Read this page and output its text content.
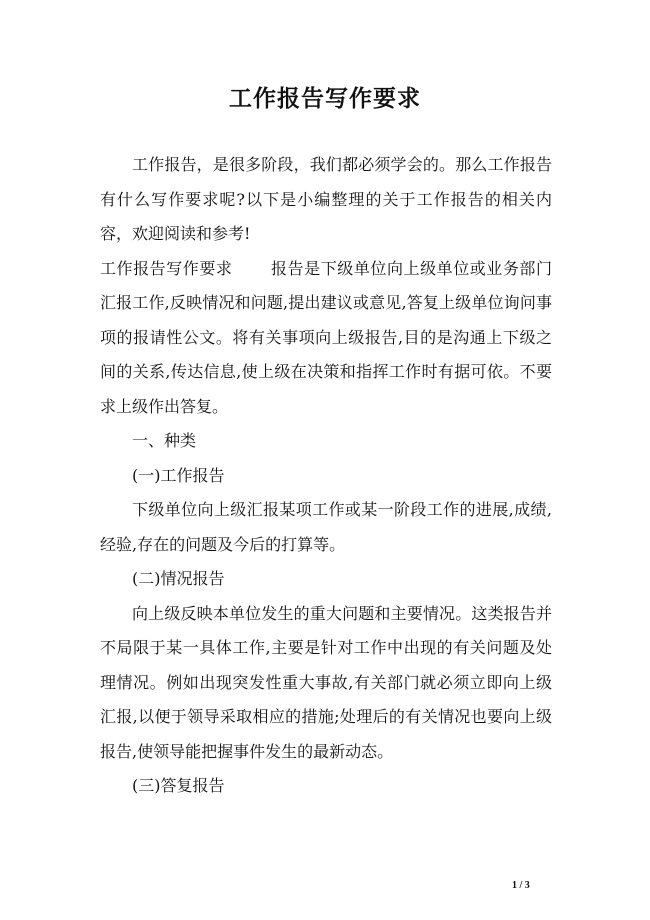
工作报告写作要求

工作报告，是很多阶段，我们都必须学会的。那么工作报告有什么写作要求呢?以下是小编整理的关于工作报告的相关内容，欢迎阅读和参考!

工作报告写作要求 报告是下级单位向上级单位或业务部门汇报工作,反映情况和问题,提出建议或意见,答复上级单位询问事项的报请性公文。将有关事项向上级报告,目的是沟通上下级之间的关系,传达信息,使上级在决策和指挥工作时有据可依。不要求上级作出答复。

一、种类

(一)工作报告

下级单位向上级汇报某项工作或某一阶段工作的进展,成绩,经验,存在的问题及今后的打算等。

(二)情况报告

向上级反映本单位发生的重大问题和主要情况。这类报告并不局限于某一具体工作,主要是针对工作中出现的有关问题及处理情况。例如出现突发性重大事故,有关部门就必须立即向上级汇报,以便于领导采取相应的措施;处理后的有关情况也要向上级报告,使领导能把握事件发生的最新动态。

(三)答复报告

1 / 3
